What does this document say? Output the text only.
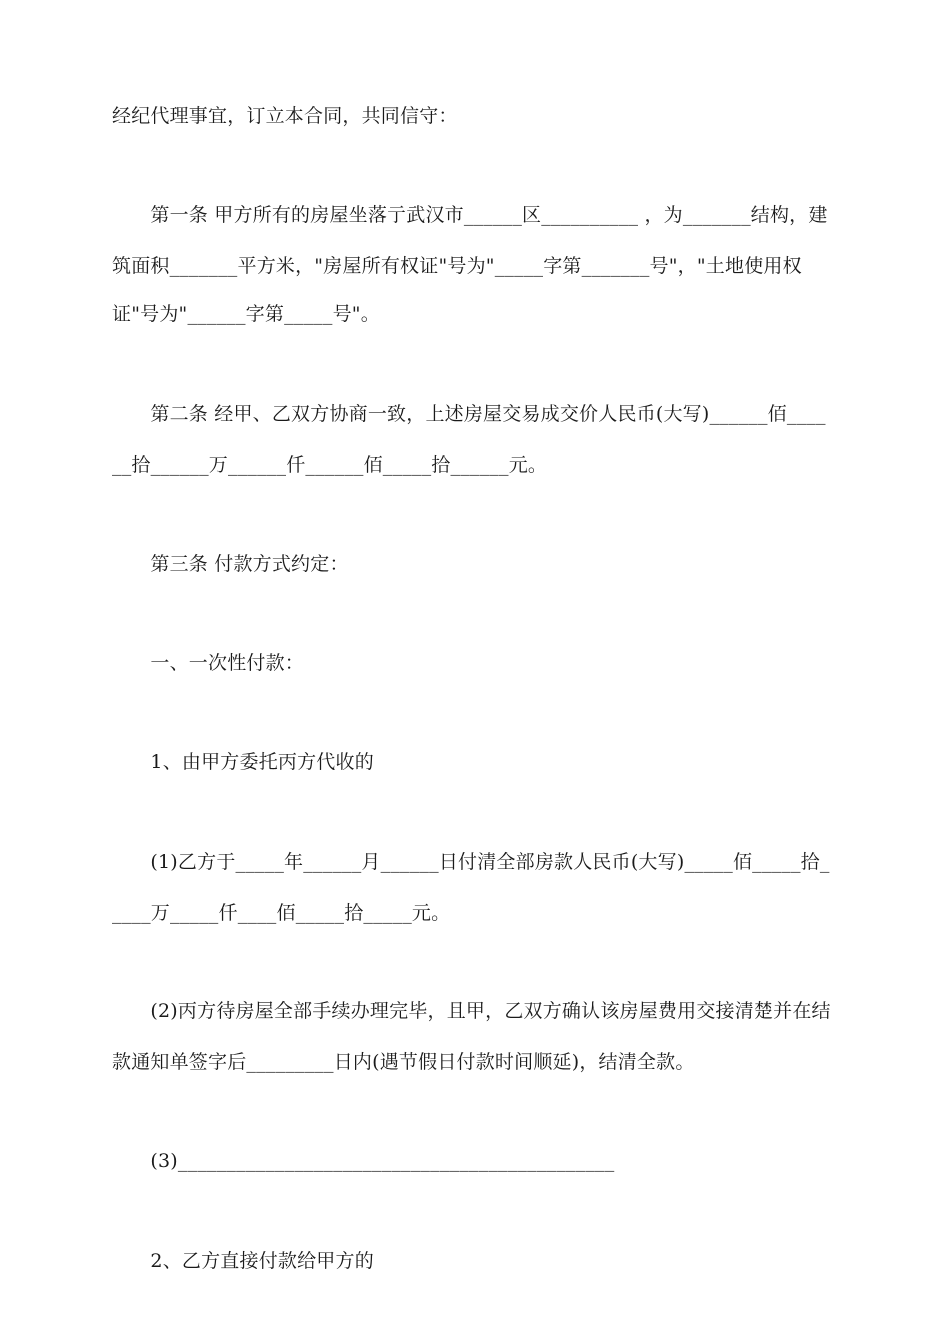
经纪代理事宜，订立本合同，共同信守：
　　第一条 甲方所有的房屋坐落亍武汉市______区__________ ，为_______结构，建
筑面积_______平方米，"房屋所有权证"号为"_____字第_______号"，"土地使用权
证"号为"______字第_____号"。
　　第二条 经甲、乙双方协商一致，上述房屋交易成交价人民币(大写)______佰____
__拾______万______仟______佰_____拾______元。
　　第三条 付款方式约定：
　　一、一次性付款：
　　1、由甲方委托丙方代收的
　　(1)乙方于_____年______月______日付清全部房款人民币(大写)_____佰_____拾_
____万_____仟____佰_____拾_____元。
　　(2)丙方待房屋全部手续办理完毕，且甲，乙双方确认该房屋费用交接清楚并在结
款通知单签字后_________日内(遇节假日付款时间顺延)，结清全款。
　　(3)_____________________________________________
　　2、乙方直接付款给甲方的
